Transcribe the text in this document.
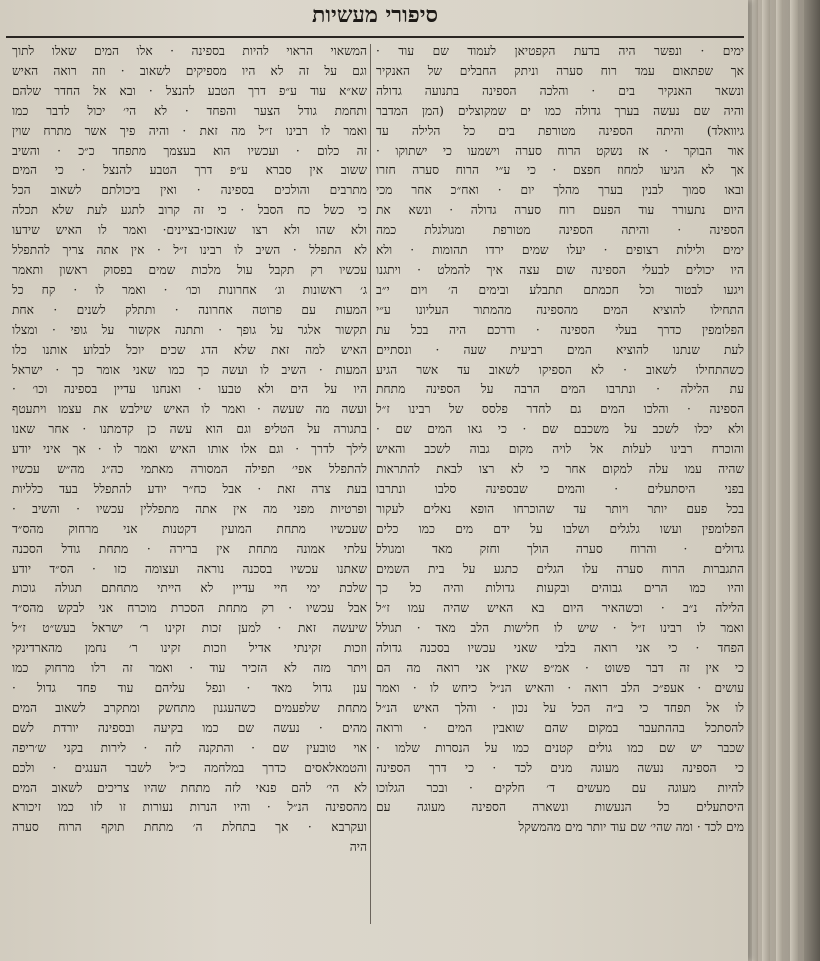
סיפורי מעשיות
ימים · ונפשר היה בדעת הקפטיאן לעמוד שם עוד ·
אך שפתאום עמד רוח סערה וניתק החבלים של האנקיר
ונשאר האנקיר בים · והלכה הספינה בתנועה גדולה
והיה שם נעשה בערך גדולה כמו ים שמקוצלים (המן המדבר
גיוואלד) והיתה הספינה מטורפת בים כל הלילה עד
אור הבוקר · אז נשקט הרוח סערה וישמעו כי ישתוקו ·
אך לא הגיעו למחוז חפצם · כי ע״י הרוח סערה חזרו
ובאו סמוך לבנין בערך מהלך יום · ואח״כ אחר מכי
היום נתעורר עוד הפעם רוח סערה גדולה · ונשא את
הספינה · והיתה הספינה מטורפת ומגולגלת כמה
ימים ולילות רצופים · יעלו שמים ירדו תהומות · ולא
היו יכולים לבעלי הספינה שום עצה איך להמלט · ויתגנו
ויגעו לבטור וכל חכמתם תתבלע ובימים ה׳ ויום י״ב
התחילו להוציא המים מהספינה מהמתור העליונו ע״י
הפלומפין כדרך בעלי הספינה · ודרכם היה בכל עת
לעת שנתנו להוציא המים רביעית שעה · ונסתיים
כשהתחילו לשאוב · לא הספיקו לשאוב עד אשר הגיע
עת הלילה · ונתרבו המים הרבה על הספינה מתחת
הספינה · והלכו המים גם לחדר פלסס של רבינו ז״ל
ולא יכלו לשכב על משכבם שם · כי גאו המים שם ·
והוכרח רבינו לעלות אל לויה מקום גבוה לשכב והאיש
שהיה עמו עלה למקום אחר כי לא רצו לבאת להתראות
בפני היסתעלים · והמים שבספינה סלבו ונתרבו
בכל פעם יותר ויותר עד שהוכרחו הופא נאלים לעקור
הפלומפין ועשו גלגלים ושלבו על ידם מים כמו כלים
גדולים · והרוח סערה הולך וחזק מאד ומגולל
התגברות הרוח סערה עלו הגלים כתגע על בית השמים
והיו כמו הרים גבוהים ובקעות גדולות והיה כל כך
הלילה נ״ב · וכשהאיר היום בא האיש שהיה עמו ז״ל
ואמר לו רבינו ז״ל · שיש לו חלישות הלב מאד · תגולל
הפחד · כי אני רואה בלבי שאני עכשיו בסכנה גדולה
כי אין זה דבר פשוט · אמ״פ שאין אני רואה מה הם
עושים · אעפ״כ הלב רואה · והאיש הנ״ל כיחש לו · ואמר
לו אל תפחד כי ב״ה הכל על נכון · והלך האיש הנ״ל
להסתכל בההתעבר במקום שהם שואבין המים · ורואה
שכבר יש שם כמו גולים קטנים כמו על הנסרות שלמו ·
כי הספינה נעשה מעוגה מנים לכד · כי דרך הספינה
להיות מעוגה עם מעשים ד׳ חלקים · ובכר הגלוכו
היסתעלים כל הנעשות ונשארה הספינה מעוגה עם
מים לכד · ומה שהי׳ שם עוד יותר מים מהמשקל
המשאוי הראוי להיות בספינה · אלו המים שאלו לתוך
וגם על זה לא היו מספיקים לשאוב · וזה רואה האיש
שא״א עוד ע״פ דרך הטבע להנצל · ובא אל החדר שלהם
ותחמת גודל הצער והפחד · לא הי׳ יכול לדבר כמו
ואמר לו רבינו ז״ל מה זאת · והיה פיך אשר מתרח שוין
זה כלום · ועכשיו הוא בעצמך מתפחד כ״כ · והשיב
ששוב אין סברא ע״פ דרך הטבע להנצל · כי המים
מתרבים והולכים בספינה · ואין ביכולתם לשאוב הכל
כי כשל כח הסבל · כי זה קרוב לתגע לעת שלא תכלה
ולא שהו ולא רצו שנאזכו·בציינים· ואמר לו האיש שידעו
לא התפלל · השיב לו רבינו ז״ל · אין אתה צריך להתפלל
עכשיו רק תקבל עול מלכות שמים בפסוק ראשון ותאמר
ג׳ ראשונות וג׳ אחרונות וכו׳ · ואמר לו · קח כל
המעות עם פרוטה אחרונה · ותתלק לשנים · אחת
תקשור אלגר על גופך · ותתנה אקשור על גופי · ומצלו
האיש למה זאת שלא הדג שכים יוכל לבלוע אותנו כלו
המעות · השיב לו ועשה כך כמו שאני אומר כך · ישראל
היו על הים ולא טבעו · ואנחנו עדיין בספינה וכו׳ ·
ועשה מה שעשה · ואמר לו האיש שילבש את עצמו ויתעטף
בתגורה על הטליפ וגם הוא עשה כן קדמתנו · אחר שאנו
לילך לדרך · וגם אלו אותו האיש ואמר לו · אך איני יודע
להתפלל אפי׳ תפילה המסורה מאתמי כה״ג מה״ש עכשיו
בעת צרה זאת · אבל כח״ר יודע להתפלל בעד כלליות
ופרטיות מפני מה אין אתה מתפללין עכשיו · והשיב ·
שעכשיו מתחת המועין דקטנות אני מרחוק מהס״ד
עלתי אמונה מתחת אין ברירה · מתחת גודל הסכנה
שאתנו עכשיו בסכנה נוראה ועצומה כזו · הס״ד יודע
שלכת ימי חיי עדיין לא הייתי מתחתם תגולה גוכות
אבל עכשיו · רק מתחת הסכרת מוכרח אני לבקש מהס״ד
שיעשה זאת · למען זכות זקינו ר׳ ישראל בעש״ט ז״ל
וזכות זקינתי אדיל וזכות זקינו ר׳ נחמן מהארדינקי
ויתר מזה לא הזכיר עוד · ואמר זה רלו מרחוק כמו
ענן גדול מאד · ונפל עליהם עוד פחד גדול ·
מתחת שלפעמים כשהעגנון מתחשק ומתקרב לשאוב המים
מהים · נעשה שם כמו בקיעה ובספינה יורדת לשם
אוי טובעין שם · והתקנה לזה · לירות בקני ש׳ריפה
והטמאלאסים כדרך במלחמה כ״ל לשבר הענגים · ולכם
לא הי׳ להם פנאי לזה מתחת שהיו צריכים לשאוב המים
מהספינה הנ״ל · והיו הנרות נעורות זו לזו כמו זיכורא
ועקרבא · אך בתחלת ה׳ מתחת תוקף הרוח סערה
היה
